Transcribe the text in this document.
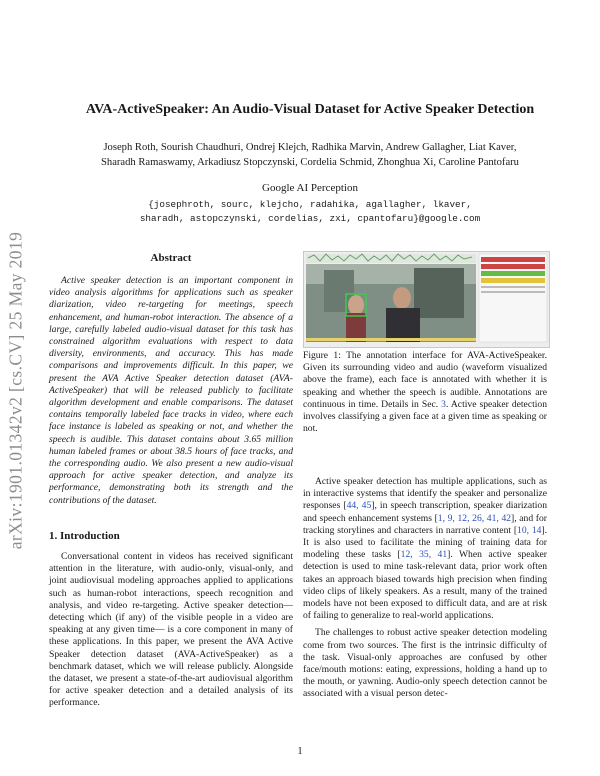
arXiv:1901.01342v2 [cs.CV] 25 May 2019
AVA-ActiveSpeaker: An Audio-Visual Dataset for Active Speaker Detection
Joseph Roth, Sourish Chaudhuri, Ondrej Klejch, Radhika Marvin, Andrew Gallagher, Liat Kaver,
Sharadh Ramaswamy, Arkadiusz Stopczynski, Cordelia Schmid, Zhonghua Xi, Caroline Pantofaru
Google AI Perception
{josephroth, sourc, klejcho, radahika, agallagher, lkaver,
sharadh, astopczynski, cordelias, zxi, cpantofaru}@google.com
Abstract

Active speaker detection is an important component in video analysis algorithms for applications such as speaker diarization, video re-targeting for meetings, speech enhancement, and human-robot interaction. The absence of a large, carefully labeled audio-visual dataset for this task has constrained algorithm evaluations with respect to data diversity, environments, and accuracy. This has made comparisons and improvements difficult. In this paper, we present the AVA Active Speaker detection dataset (AVA-ActiveSpeaker) that will be released publicly to facilitate algorithm development and enable comparisons. The dataset contains temporally labeled face tracks in video, where each face instance is labeled as speaking or not, and whether the speech is audible. This dataset contains about 3.65 million human labeled frames or about 38.5 hours of face tracks, and the corresponding audio. We also present a new audio-visual approach for active speaker detection, and analyze its performance, demonstrating both its strength and the contributions of the dataset.

1. Introduction

Conversational content in videos has received significant attention in the literature, with audio-only, visual-only, and joint audiovisual modeling approaches applied to applications such as human-robot interactions, speech recognition and analysis, and video re-targeting. Active speaker detection— detecting which (if any) of the visible people in a video are speaking at any given time— is a core component in many of these applications. In this paper, we present the AVA Active Speaker detection dataset (AVA-ActiveSpeaker) as a benchmark dataset, which we will release publicly. Alongside the dataset, we present a state-of-the-art audiovisual algorithm for active speaker detection and a detailed analysis of its performance.

Figure 1: The annotation interface for AVA-ActiveSpeaker. Given its surrounding video and audio (waveform visualized above the frame), each face is annotated with whether it is speaking and whether the speech is audible. Annotations are continuous in time. Details in Sec. 3. Active speaker detection involves classifying a given face at a given time as speaking or not.

Active speaker detection has multiple applications, such as in interactive systems that identify the speaker and personalize responses [44, 45], in speech transcription, speaker diarization and speech enhancement systems [1, 9, 12, 26, 41, 42], and for tracking storylines and characters in narrative content [10, 14]. It is also used to facilitate the mining of training data for modeling these tasks [12, 35, 41]. When active speaker detection is used to mine task-relevant data, prior work often takes an approach biased towards high precision when finding video clips of likely speakers. As a result, many of the trained models have not been exposed to difficult data, and are at risk of failing to generalize to real-world applications.

The challenges to robust active speaker detection modeling come from two sources. The first is the intrinsic difficulty of the task. Visual-only approaches are confused by other face/mouth motions: eating, expressions, holding a hand up to the mouth, or yawning. Audio-only speech detection cannot be associated with a visual person detec-

1
